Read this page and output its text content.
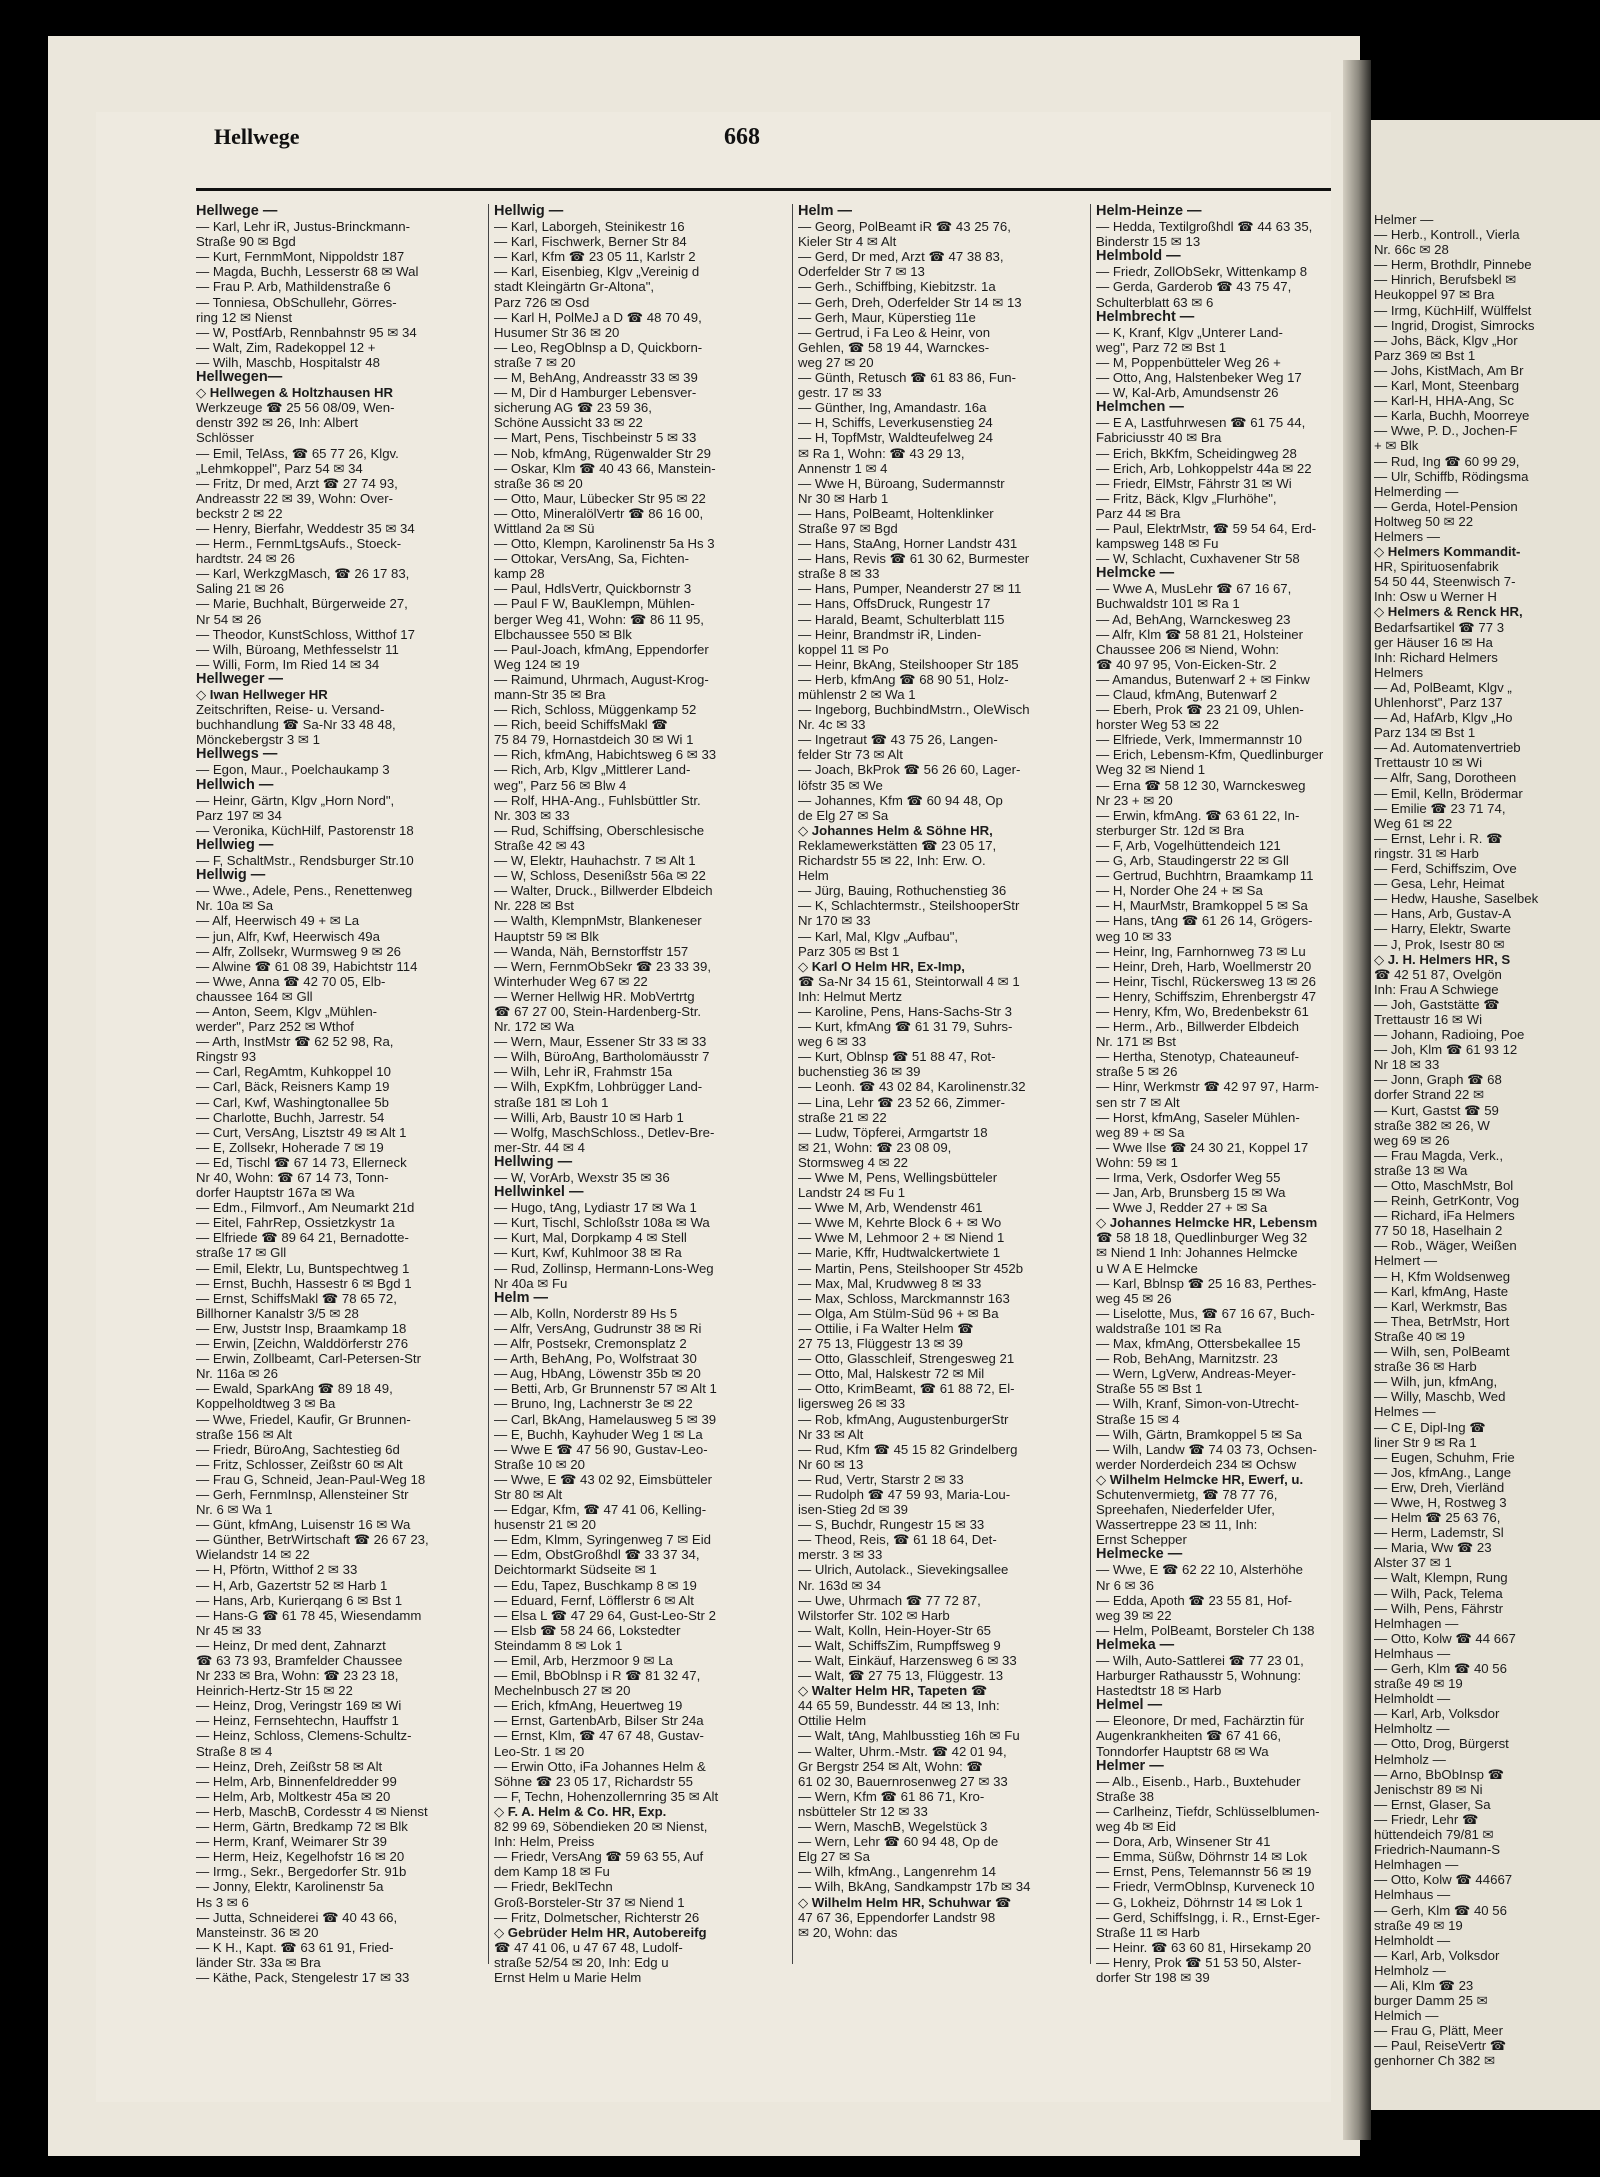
Helmer —
— Herb., Kontroll., Vierla
Nr. 66c ✉ 28
— Herm, Brothdlr, Pinnebe
— Hinrich, Berufsbekl ✉
Heukoppel 97 ✉ Bra
— Irmg, KüchHilf, Wülffelst
— Ingrid, Drogist, Simrocks
— Johs, Bäck, Klgv „Hor
Parz 369 ✉ Bst 1
— Johs, KistMach, Am Br
— Karl, Mont, Steenbarg
— Karl-H, HHA-Ang, Sc
— Karla, Buchh, Moorreye
— Wwe, P. D., Jochen-F
+ ✉ Blk
— Rud, Ing ☎ 60 99 29,
— Ulr, Schiffb, Rödingsma
Helmerding —
— Gerda, Hotel-Pension
Holtweg 50 ✉ 22
Helmers —
◇ Helmers Kommandit-
HR, Spirituosenfabrik
54 50 44, Steenwisch 7-
Inh: Osw u Werner H
◇ Helmers & Renck HR,
Bedarfsartikel ☎ 77 3
ger Häuser 16 ✉ Ha
Inh: Richard Helmers
Helmers
— Ad, PolBeamt, Klgv „
Uhlenhorst", Parz 137
— Ad, HafArb, Klgv „Ho
Parz 134 ✉ Bst 1
— Ad. Automatenvertrieb
Trettaustr 10 ✉ Wi
— Alfr, Sang, Dorotheen
— Emil, Kelln, Brödermar
— Emilie ☎ 23 71 74,
Weg 61 ✉ 22
— Ernst, Lehr i. R. ☎
ringstr. 31 ✉ Harb
— Ferd, Schiffszim, Ove
— Gesa, Lehr, Heimat
— Hedw, Haushe, Saselbek
— Hans, Arb, Gustav-A
— Harry, Elektr, Swarte
— J, Prok, Isestr 80 ✉
◇ J. H. Helmers HR, S
☎ 42 51 87, Ovelgön
Inh: Frau A Schwiege
— Joh, Gaststätte ☎
Trettaustr 16 ✉ Wi
— Johann, Radioing, Poe
— Joh, Klm ☎ 61 93 12
Nr 18 ✉ 33
— Jonn, Graph ☎ 68
dorfer Strand 22 ✉
— Kurt, Gastst ☎ 59
straße 382 ✉ 26, W
weg 69 ✉ 26
— Frau Magda, Verk.,
straße 13 ✉ Wa
— Otto, MaschMstr, Bol
— Reinh, GetrKontr, Vog
— Richard, iFa Helmers
77 50 18, Haselhain 2
— Rob., Wäger, Weißen
Helmert —
— H, Kfm Woldsenweg
— Karl, kfmAng, Haste
— Karl, Werkmstr, Bas
— Thea, BetrMstr, Hort
Straße 40 ✉ 19
— Wilh, sen, PolBeamt
straße 36 ✉ Harb
— Wilh, jun, kfmAng,
— Willy, Maschb, Wed
Helmes —
— C E, Dipl-Ing ☎
liner Str 9 ✉ Ra 1
— Eugen, Schuhm, Frie
— Jos, kfmAng., Lange
— Erw, Dreh, Vierländ
— Wwe, H, Rostweg 3
— Helm ☎ 25 63 76,
— Herm, Lademstr, Sl
— Maria, Ww ☎ 23
Alster 37 ✉ 1
— Walt, Klempn, Rung
— Wilh, Pack, Telema
— Wilh, Pens, Fährstr
Helmhagen —
— Otto, Kolw ☎ 44 667
Helmhaus —
— Gerh, Klm ☎ 40 56
straße 49 ✉ 19
Helmholdt —
— Karl, Arb, Volksdor
Helmholtz —
— Otto, Drog, Bürgerst
Helmholz —
— Arno, BbObInsp ☎
Jenischstr 89 ✉ Ni
— Ernst, Glaser, Sa
— Friedr, Lehr ☎
hüttendeich 79/81 ✉
Friedrich-Naumann-S
Helmhagen —
— Otto, Kolw ☎ 44667
Helmhaus —
— Gerh, Klm ☎ 40 56
straße 49 ✉ 19
Helmholdt —
— Karl, Arb, Volksdor
Helmholz —
— Ali, Klm ☎ 23
burger Damm 25 ✉
Helmich —
— Frau G, Plätt, Meer
— Paul, ReiseVertr ☎
genhorner Ch 382 ✉
Hellwege	668
Hellwege —
— Karl, Lehr iR, Justus-Brinckmann-
Straße 90 ✉ Bgd
— Kurt, FernmMont, Nippoldstr 187
— Magda, Buchh, Lesserstr 68 ✉ Wal
— Frau P. Arb, Mathildenstraße 6
— Tonniesa, ObSchullehr, Görres-
ring 12 ✉ Nienst
— W, PostfArb, Rennbahnstr 95 ✉ 34
— Walt, Zim, Radekoppel 12 +
— Wilh, Maschb, Hospitalstr 48
Hellwegen—
◇ Hellwegen & Holtzhausen HR
Werkzeuge ☎ 25 56 08/09, Wen-
denstr 392 ✉ 26, Inh: Albert
Schlösser
— Emil, TelAss, ☎ 65 77 26, Klgv.
„Lehmkoppel", Parz 54 ✉ 34
— Fritz, Dr med, Arzt ☎ 27 74 93,
Andreasstr 22 ✉ 39, Wohn: Over-
beckstr 2 ✉ 22
— Henry, Bierfahr, Weddestr 35 ✉ 34
— Herm., FernmLtgsAufs., Stoeck-
hardtstr. 24 ✉ 26
— Karl, WerkzgMasch, ☎ 26 17 83,
Saling 21 ✉ 26
— Marie, Buchhalt, Bürgerweide 27,
Nr 54 ✉ 26
— Theodor, KunstSchloss, Witthof 17
— Wilh, Büroang, Methfesselstr 11
— Willi, Form, Im Ried 14 ✉ 34
Hellweger —
◇ Iwan Hellweger HR
Zeitschriften, Reise- u. Versand-
buchhandlung ☎ Sa-Nr 33 48 48,
Mönckebergstr 3 ✉ 1
Hellwegs —
— Egon, Maur., Poelchaukamp 3
Hellwich —
— Heinr, Gärtn, Klgv „Horn Nord",
Parz 197 ✉ 34
— Veronika, KüchHilf, Pastorenstr 18
Hellwieg —
— F, SchaltMstr., Rendsburger Str.10
Hellwig —
— Wwe., Adele, Pens., Renettenweg
Nr. 10a ✉ Sa
— Alf, Heerwisch 49 + ✉ La
— jun, Alfr, Kwf, Heerwisch 49a
— Alfr, Zollsekr, Wurmsweg 9 ✉ 26
— Alwine ☎ 61 08 39, Habichtstr 114
— Wwe, Anna ☎ 42 70 05, Elb-
chaussee 164 ✉ Gll
— Anton, Seem, Klgv „Mühlen-
werder", Parz 252 ✉ Wthof
— Arth, InstMstr ☎ 62 52 98, Ra,
Ringstr 93
— Carl, RegAmtm, Kuhkoppel 10
— Carl, Bäck, Reisners Kamp 19
— Carl, Kwf, Washingtonallee 5b
— Charlotte, Buchh, Jarrestr. 54
— Curt, VersAng, Lisztstr 49 ✉ Alt 1
— E, Zollsekr, Hoherade 7 ✉ 19
— Ed, Tischl ☎ 67 14 73, Ellerneck
Nr 40, Wohn: ☎ 67 14 73, Tonn-
dorfer Hauptstr 167a ✉ Wa
— Edm., Filmvorf., Am Neumarkt 21d
— Eitel, FahrRep, Ossietzkystr 1a
— Elfriede ☎ 89 64 21, Bernadotte-
straße 17 ✉ Gll
— Emil, Elektr, Lu, Buntspechtweg 1
— Ernst, Buchh, Hassestr 6 ✉ Bgd 1
— Ernst, SchiffsMakl ☎ 78 65 72,
Billhorner Kanalstr 3/5 ✉ 28
— Erw, Juststr Insp, Braamkamp 18
— Erwin, [Zeichn, Walddörferstr 276
— Erwin, Zollbeamt, Carl-Petersen-Str
Nr. 116a ✉ 26
— Ewald, SparkAng ☎ 89 18 49,
Koppelholdtweg 3 ✉ Ba
— Wwe, Friedel, Kaufir, Gr Brunnen-
straße 156 ✉ Alt
— Friedr, BüroAng, Sachtestieg 6d
— Fritz, Schlosser, Zeißstr 60 ✉ Alt
— Frau G, Schneid, Jean-Paul-Weg 18
— Gerh, FernmInsp, Allensteiner Str
Nr. 6 ✉ Wa 1
— Günt, kfmAng, Luisenstr 16 ✉ Wa
— Günther, BetrWirtschaft ☎ 26 67 23,
Wielandstr 14 ✉ 22
— H, Pförtn, Witthof 2 ✉ 33
— H, Arb, Gazertstr 52 ✉ Harb 1
— Hans, Arb, Kurierqang 6 ✉ Bst 1
— Hans-G ☎ 61 78 45, Wiesendamm
Nr 45 ✉ 33
— Heinz, Dr med dent, Zahnarzt
☎ 63 73 93, Bramfelder Chaussee
Nr 233 ✉ Bra, Wohn: ☎ 23 23 18,
Heinrich-Hertz-Str 15 ✉ 22
— Heinz, Drog, Veringstr 169 ✉ Wi
— Heinz, Fernsehtechn, Hauffstr 1
— Heinz, Schloss, Clemens-Schultz-
Straße 8 ✉ 4
— Heinz, Dreh, Zeißstr 58 ✉ Alt
— Helm, Arb, Binnenfeldredder 99
— Helm, Arb, Moltkestr 45a ✉ 20
— Herb, MaschB, Cordesstr 4 ✉ Nienst
— Herm, Gärtn, Bredkamp 72 ✉ Blk
— Herm, Kranf, Weimarer Str 39
— Herm, Heiz, Kegelhofstr 16 ✉ 20
— Irmg., Sekr., Bergedorfer Str. 91b
— Jonny, Elektr, Karolinenstr 5a
Hs 3 ✉ 6
— Jutta, Schneiderei ☎ 40 43 66,
Mansteinstr. 36 ✉ 20
— K H., Kapt. ☎ 63 61 91, Fried-
länder Str. 33a ✉ Bra
— Käthe, Pack, Stengelestr 17 ✉ 33
Hellwig —
— Karl, Laborgeh, Steinikestr 16
— Karl, Fischwerk, Berner Str 84
— Karl, Kfm ☎ 23 05 11, Karlstr 2
— Karl, Eisenbieg, Klgv „Vereinig d
stadt Kleingärtn Gr-Altona",
Parz 726 ✉ Osd
— Karl H, PolMeJ a D ☎ 48 70 49,
Husumer Str 36 ✉ 20
— Leo, RegOblnsp a D, Quickborn-
straße 7 ✉ 20
— M, BehAng, Andreasstr 33 ✉ 39
— M, Dir d Hamburger Lebensver-
sicherung AG ☎ 23 59 36,
Schöne Aussicht 33 ✉ 22
— Mart, Pens, Tischbeinstr 5 ✉ 33
— Nob, kfmAng, Rügenwalder Str 29
— Oskar, Klm ☎ 40 43 66, Manstein-
straße 36 ✉ 20
— Otto, Maur, Lübecker Str 95 ✉ 22
— Otto, MineralölVertr ☎ 86 16 00,
Wittland 2a ✉ Sü
— Otto, Klempn, Karolinenstr 5a Hs 3
— Ottokar, VersAng, Sa, Fichten-
kamp 28
— Paul, HdlsVertr, Quickbornstr 3
— Paul F W, BauKlempn, Mühlen-
berger Weg 41, Wohn: ☎ 86 11 95,
Elbchaussee 550 ✉ Blk
— Paul-Joach, kfmAng, Eppendorfer
Weg 124 ✉ 19
— Raimund, Uhrmach, August-Krog-
mann-Str 35 ✉ Bra
— Rich, Schloss, Müggenkamp 52
— Rich, beeid SchiffsMakl ☎
75 84 79, Hornastdeich 30 ✉ Wi 1
— Rich, kfmAng, Habichtsweg 6 ✉ 33
— Rich, Arb, Klgv „Mittlerer Land-
weg", Parz 56 ✉ Blw 4
— Rolf, HHA-Ang., Fuhlsbüttler Str.
Nr. 303 ✉ 33
— Rud, Schiffsing, Oberschlesische
Straße 42 ✉ 43
— W, Elektr, Hauhachstr. 7 ✉ Alt 1
— W, Schloss, Desenißstr 56a ✉ 22
— Walter, Druck., Billwerder Elbdeich
Nr. 228 ✉ Bst
— Walth, KlempnMstr, Blankeneser
Hauptstr 59 ✉ Blk
— Wanda, Näh, Bernstorffstr 157
— Wern, FernmObSekr ☎ 23 33 39,
Winterhuder Weg 67 ✉ 22
— Werner Hellwig HR. MobVertrtg
☎ 67 27 00, Stein-Hardenberg-Str.
Nr. 172 ✉ Wa
— Wern, Maur, Essener Str 33 ✉ 33
— Wilh, BüroAng, Bartholomäusstr 7
— Wilh, Lehr iR, Frahmstr 15a
— Wilh, ExpKfm, Lohbrügger Land-
straße 181 ✉ Loh 1
— Willi, Arb, Baustr 10 ✉ Harb 1
— Wolfg, MaschSchloss., Detlev-Bre-
mer-Str. 44 ✉ 4
Hellwing —
— W, VorArb, Wexstr 35 ✉ 36
Hellwinkel —
— Hugo, tAng, Lydiastr 17 ✉ Wa 1
— Kurt, Tischl, Schloßstr 108a ✉ Wa
— Kurt, Mal, Dorpkamp 4 ✉ Stell
— Kurt, Kwf, Kuhlmoor 38 ✉ Ra
— Rud, Zollinsp, Hermann-Lons-Weg
Nr 40a ✉ Fu
Helm —
— Alb, Kolln, Norderstr 89 Hs 5
— Alfr, VersAng, Gudrunstr 38 ✉ Ri
— Alfr, Postsekr, Cremonsplatz 2
— Arth, BehAng, Po, Wolfstraat 30
— Aug, HbAng, Löwenstr 35b ✉ 20
— Betti, Arb, Gr Brunnenstr 57 ✉ Alt 1
— Bruno, Ing, Lachnerstr 3e ✉ 22
— Carl, BkAng, Hamelausweg 5 ✉ 39
— E, Buchh, Kayhuder Weg 1 ✉ La
— Wwe E ☎ 47 56 90, Gustav-Leo-
Straße 10 ✉ 20
— Wwe, E ☎ 43 02 92, Eimsbütteler
Str 80 ✉ Alt
— Edgar, Kfm, ☎ 47 41 06, Kelling-
husenstr 21 ✉ 20
— Edm, Klmm, Syringenweg 7 ✉ Eid
— Edm, ObstGroßhdl ☎ 33 37 34,
Deichtormarkt Südseite ✉ 1
— Edu, Tapez, Buschkamp 8 ✉ 19
— Eduard, Fernf, Löfflerstr 6 ✉ Alt
— Elsa L ☎ 47 29 64, Gust-Leo-Str 2
— Elsb ☎ 58 24 66, Lokstedter
Steindamm 8 ✉ Lok 1
— Emil, Arb, Herzmoor 9 ✉ La
— Emil, BbOblnsp i R ☎ 81 32 47,
Mechelnbusch 27 ✉ 20
— Erich, kfmAng, Heuertweg 19
— Ernst, GartenbArb, Bilser Str 24a
— Ernst, Klm, ☎ 47 67 48, Gustav-
Leo-Str. 1 ✉ 20
— Erwin Otto, iFa Johannes Helm &
Söhne ☎ 23 05 17, Richardstr 55
— F, Techn, Hohenzollernring 35 ✉ Alt
◇ F. A. Helm & Co. HR, Exp.
82 99 69, Söbendieken 20 ✉ Nienst,
Inh: Helm, Preiss
— Friedr, VersAng ☎ 59 63 55, Auf
dem Kamp 18 ✉ Fu
— Friedr, BeklTechn
Groß-Borsteler-Str 37 ✉ Niend 1
— Fritz, Dolmetscher, Richterstr 26
◇ Gebrüder Helm HR, Autobereifg
☎ 47 41 06, u 47 67 48, Ludolf-
straße 52/54 ✉ 20, Inh: Edg u
Ernst Helm u Marie Helm
Helm —
— Georg, PolBeamt iR ☎ 43 25 76,
Kieler Str 4 ✉ Alt
— Gerd, Dr med, Arzt ☎ 47 38 83,
Oderfelder Str 7 ✉ 13
— Gerh., Schiffbing, Kiebitzstr. 1a
— Gerh, Dreh, Oderfelder Str 14 ✉ 13
— Gerh, Maur, Küperstieg 11e
— Gertrud, i Fa Leo & Heinr, von
Gehlen, ☎ 58 19 44, Warnckes-
weg 27 ✉ 20
— Günth, Retusch ☎ 61 83 86, Fun-
gestr. 17 ✉ 33
— Günther, Ing, Amandastr. 16a
— H, Schiffs, Leverkusenstieg 24
— H, TopfMstr, Waldteufelweg 24
✉ Ra 1, Wohn: ☎ 43 29 13,
Annenstr 1 ✉ 4
— Wwe H, Büroang, Sudermannstr
Nr 30 ✉ Harb 1
— Hans, PolBeamt, Holtenklinker
Straße 97 ✉ Bgd
— Hans, StaAng, Horner Landstr 431
— Hans, Revis ☎ 61 30 62, Burmester
straße 8 ✉ 33
— Hans, Pumper, Neanderstr 27 ✉ 11
— Hans, OffsDruck, Rungestr 17
— Harald, Beamt, Schulterblatt 115
— Heinr, Brandmstr iR, Linden-
koppel 11 ✉ Po
— Heinr, BkAng, Steilshooper Str 185
— Herb, kfmAng ☎ 68 90 51, Holz-
mühlenstr 2 ✉ Wa 1
— Ingeborg, BuchbindMstrn., OleWisch
Nr. 4c ✉ 33
— Ingetraut ☎ 43 75 26, Langen-
felder Str 73 ✉ Alt
— Joach, BkProk ☎ 56 26 60, Lager-
löfstr 35 ✉ We
— Johannes, Kfm ☎ 60 94 48, Op
de Elg 27 ✉ Sa
◇ Johannes Helm & Söhne HR,
Reklamewerkstätten ☎ 23 05 17,
Richardstr 55 ✉ 22, Inh: Erw. O.
Helm
— Jürg, Bauing, Rothuchenstieg 36
— K, Schlachtermstr., SteilshooperStr
Nr 170 ✉ 33
— Karl, Mal, Klgv „Aufbau",
Parz 305 ✉ Bst 1
◇ Karl O Helm HR, Ex-Imp,
☎ Sa-Nr 34 15 61, Steintorwall 4 ✉ 1
Inh: Helmut Mertz
— Karoline, Pens, Hans-Sachs-Str 3
— Kurt, kfmAng ☎ 61 31 79, Suhrs-
weg 6 ✉ 33
— Kurt, Oblnsp ☎ 51 88 47, Rot-
buchenstieg 36 ✉ 39
— Leonh. ☎ 43 02 84, Karolinenstr.32
— Lina, Lehr ☎ 23 52 66, Zimmer-
straße 21 ✉ 22
— Ludw, Töpferei, Armgartstr 18
✉ 21, Wohn: ☎ 23 08 09,
Stormsweg 4 ✉ 22
— Wwe M, Pens, Wellingsbütteler
Landstr 24 ✉ Fu 1
— Wwe M, Arb, Wendenstr 461
— Wwe M, Kehrte Block 6 + ✉ Wo
— Wwe M, Lehmoor 2 + ✉ Niend 1
— Marie, Kffr, Hudtwalckertwiete 1
— Martin, Pens, Steilshooper Str 452b
— Max, Mal, Krudwweg 8 ✉ 33
— Max, Schloss, Marckmannstr 163
— Olga, Am Stülm-Süd 96 + ✉ Ba
— Ottilie, i Fa Walter Helm ☎
27 75 13, Flüggestr 13 ✉ 39
— Otto, Glasschleif, Strengesweg 21
— Otto, Mal, Halskestr 72 ✉ Mil
— Otto, KrimBeamt, ☎ 61 88 72, El-
ligersweg 26 ✉ 33
— Rob, kfmAng, AugustenburgerStr
Nr 33 ✉ Alt
— Rud, Kfm ☎ 45 15 82 Grindelberg
Nr 60 ✉ 13
— Rud, Vertr, Starstr 2 ✉ 33
— Rudolph ☎ 47 59 93, Maria-Lou-
isen-Stieg 2d ✉ 39
— S, Buchdr, Rungestr 15 ✉ 33
— Theod, Reis, ☎ 61 18 64, Det-
merstr. 3 ✉ 33
— Ulrich, Autolack., Sievekingsallee
Nr. 163d ✉ 34
— Uwe, Uhrmach ☎ 77 72 87,
Wilstorfer Str. 102 ✉ Harb
— Walt, Kolln, Hein-Hoyer-Str 65
— Walt, SchiffsZim, Rumpffsweg 9
— Walt, Einkäuf, Harzensweg 6 ✉ 33
— Walt, ☎ 27 75 13, Flüggestr. 13
◇ Walter Helm HR, Tapeten ☎
44 65 59, Bundesstr. 44 ✉ 13, Inh:
Ottilie Helm
— Walt, tAng, Mahlbusstieg 16h ✉ Fu
— Walter, Uhrm.-Mstr. ☎ 42 01 94,
Gr Bergstr 254 ✉ Alt, Wohn: ☎
61 02 30, Bauernrosenweg 27 ✉ 33
— Wern, Kfm ☎ 61 86 71, Kro-
nsbütteler Str 12 ✉ 33
— Wern, MaschB, Wegelstück 3
— Wern, Lehr ☎ 60 94 48, Op de
Elg 27 ✉ Sa
— Wilh, kfmAng., Langenrehm 14
— Wilh, BkAng, Sandkampstr 17b ✉ 34
◇ Wilhelm Helm HR, Schuhwar ☎
47 67 36, Eppendorfer Landstr 98
✉ 20, Wohn: das
Helm-Heinze —
— Hedda, Textilgroßhdl ☎ 44 63 35,
Binderstr 15 ✉ 13
Helmbold —
— Friedr, ZollObSekr, Wittenkamp 8
— Gerda, Garderob ☎ 43 75 47,
Schulterblatt 63 ✉ 6
Helmbrecht —
— K, Kranf, Klgv „Unterer Land-
weg", Parz 72 ✉ Bst 1
— M, Poppenbütteler Weg 26 +
— Otto, Ang, Halstenbeker Weg 17
— W, Kal-Arb, Amundsenstr 26
Helmchen —
— E A, Lastfuhrwesen ☎ 61 75 44,
Fabriciusstr 40 ✉ Bra
— Erich, BkKfm, Scheidingweg 28
— Erich, Arb, Lohkoppelstr 44a ✉ 22
— Friedr, ElMstr, Fährstr 31 ✉ Wi
— Fritz, Bäck, Klgv „Flurhöhe",
Parz 44 ✉ Bra
— Paul, ElektrMstr, ☎ 59 54 64, Erd-
kampsweg 148 ✉ Fu
— W, Schlacht, Cuxhavener Str 58
Helmcke —
— Wwe A, MusLehr ☎ 67 16 67,
Buchwaldstr 101 ✉ Ra 1
— Ad, BehAng, Warnckesweg 23
— Alfr, Klm ☎ 58 81 21, Holsteiner
Chaussee 206 ✉ Niend, Wohn:
☎ 40 97 95, Von-Eicken-Str. 2
— Amandus, Butenwarf 2 + ✉ Finkw
— Claud, kfmAng, Butenwarf 2
— Eberh, Prok ☎ 23 21 09, Uhlen-
horster Weg 53 ✉ 22
— Elfriede, Verk, Immermannstr 10
— Erich, Lebensm-Kfm, Quedlinburger
Weg 32 ✉ Niend 1
— Erna ☎ 58 12 30, Warnckesweg
Nr 23 + ✉ 20
— Erwin, kfmAng. ☎ 63 61 22, In-
sterburger Str. 12d ✉ Bra
— F, Arb, Vogelhüttendeich 121
— G, Arb, Staudingerstr 22 ✉ Gll
— Gertrud, Buchhtrn, Braamkamp 11
— H, Norder Ohe 24 + ✉ Sa
— H, MaurMstr, Bramkoppel 5 ✉ Sa
— Hans, tAng ☎ 61 26 14, Grögers-
weg 10 ✉ 33
— Heinr, Ing, Farnhornweg 73 ✉ Lu
— Heinr, Dreh, Harb, Woellmerstr 20
— Heinr, Tischl, Rückersweg 13 ✉ 26
— Henry, Schiffszim, Ehrenbergstr 47
— Henry, Kfm, Wo, Bredenbekstr 61
— Herm., Arb., Billwerder Elbdeich
Nr. 171 ✉ Bst
— Hertha, Stenotyp, Chateauneuf-
straße 5 ✉ 26
— Hinr, Werkmstr ☎ 42 97 97, Harm-
sen str 7 ✉ Alt
— Horst, kfmAng, Saseler Mühlen-
weg 89 + ✉ Sa
— Wwe Ilse ☎ 24 30 21, Koppel 17
Wohn: 59 ✉ 1
— Irma, Verk, Osdorfer Weg 55
— Jan, Arb, Brunsberg 15 ✉ Wa
— Wwe J, Redder 27 + ✉ Sa
◇ Johannes Helmcke HR, Lebensm
☎ 58 18 18, Quedlinburger Weg 32
✉ Niend 1 Inh: Johannes Helmcke
u W A E Helmcke
— Karl, Bblnsp ☎ 25 16 83, Perthes-
weg 45 ✉ 26
— Liselotte, Mus, ☎ 67 16 67, Buch-
waldstraße 101 ✉ Ra
— Max, kfmAng, Ottersbekallee 15
— Rob, BehAng, Marnitzstr. 23
— Wern, LgVerw, Andreas-Meyer-
Straße 55 ✉ Bst 1
— Wilh, Kranf, Simon-von-Utrecht-
Straße 15 ✉ 4
— Wilh, Gärtn, Bramkoppel 5 ✉ Sa
— Wilh, Landw ☎ 74 03 73, Ochsen-
werder Norderdeich 234 ✉ Ochsw
◇ Wilhelm Helmcke HR, Ewerf, u.
Schutenvermietg, ☎ 78 77 76,
Spreehafen, Niederfelder Ufer,
Wassertreppe 23 ✉ 11, Inh:
Ernst Schepper
Helmecke —
— Wwe, E ☎ 62 22 10, Alsterhöhe
Nr 6 ✉ 36
— Edda, Apoth ☎ 23 55 81, Hof-
weg 39 ✉ 22
— Helm, PolBeamt, Borsteler Ch 138
Helmeka —
— Wilh, Auto-Sattlerei ☎ 77 23 01,
Harburger Rathausstr 5, Wohnung:
Hastedtstr 18 ✉ Harb
Helmel —
— Eleonore, Dr med, Fachärztin für
Augenkrankheiten ☎ 67 41 66,
Tonndorfer Hauptstr 68 ✉ Wa
Helmer —
— Alb., Eisenb., Harb., Buxtehuder
Straße 38
— Carlheinz, Tiefdr, Schlüsselblumen-
weg 4b ✉ Eid
— Dora, Arb, Winsener Str 41
— Emma, Süßw, Döhrnstr 14 ✉ Lok
— Ernst, Pens, Telemannstr 56 ✉ 19
— Friedr, VermOblnsp, Kurveneck 10
— G, Lokheiz, Döhrnstr 14 ✉ Lok 1
— Gerd, SchiffsIngg, i. R., Ernst-Eger-
Straße 11 ✉ Harb
— Heinr. ☎ 63 60 81, Hirsekamp 20
— Henry, Prok ☎ 51 53 50, Alster-
dorfer Str 198 ✉ 39
